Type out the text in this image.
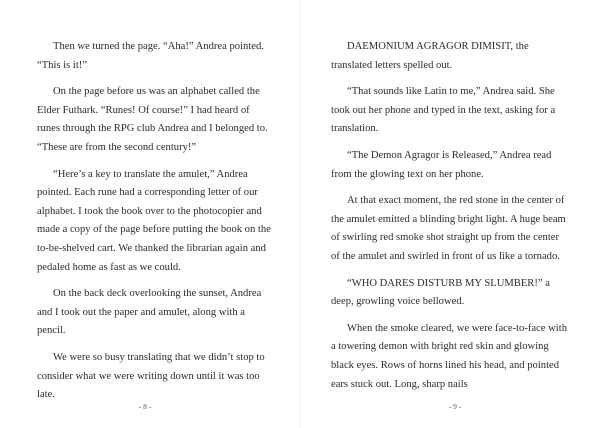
Then we turned the page. “Aha!” Andrea pointed. “This is it!”

On the page before us was an alphabet called the Elder Futhark. “Runes! Of course!” I had heard of runes through the RPG club Andrea and I belonged to. “These are from the second century!”

“Here’s a key to translate the amulet,” Andrea pointed. Each rune had a corresponding letter of our alphabet. I took the book over to the photocopier and made a copy of the page before putting the book on the to-be-shelved cart. We thanked the librarian again and pedaled home as fast as we could.

On the back deck overlooking the sunset, Andrea and I took out the paper and amulet, along with a pencil.

We were so busy translating that we didn’t stop to consider what we were writing down until it was too late.

- 8 -

DAEMONIUM AGRAGOR DIMISIT, the translated letters spelled out.

“That sounds like Latin to me,” Andrea said. She took out her phone and typed in the text, asking for a translation.

“The Demon Agragor is Released,” Andrea read from the glowing text on her phone.

At that exact moment, the red stone in the center of the amulet emitted a blinding bright light. A huge beam of swirling red smoke shot straight up from the center of the amulet and swirled in front of us like a tornado.

“WHO DARES DISTURB MY SLUMBER!” a deep, growling voice bellowed.

When the smoke cleared, we were face-to-face with a towering demon with bright red skin and glowing black eyes. Rows of horns lined his head, and pointed ears stuck out. Long, sharp nails

- 9 -
